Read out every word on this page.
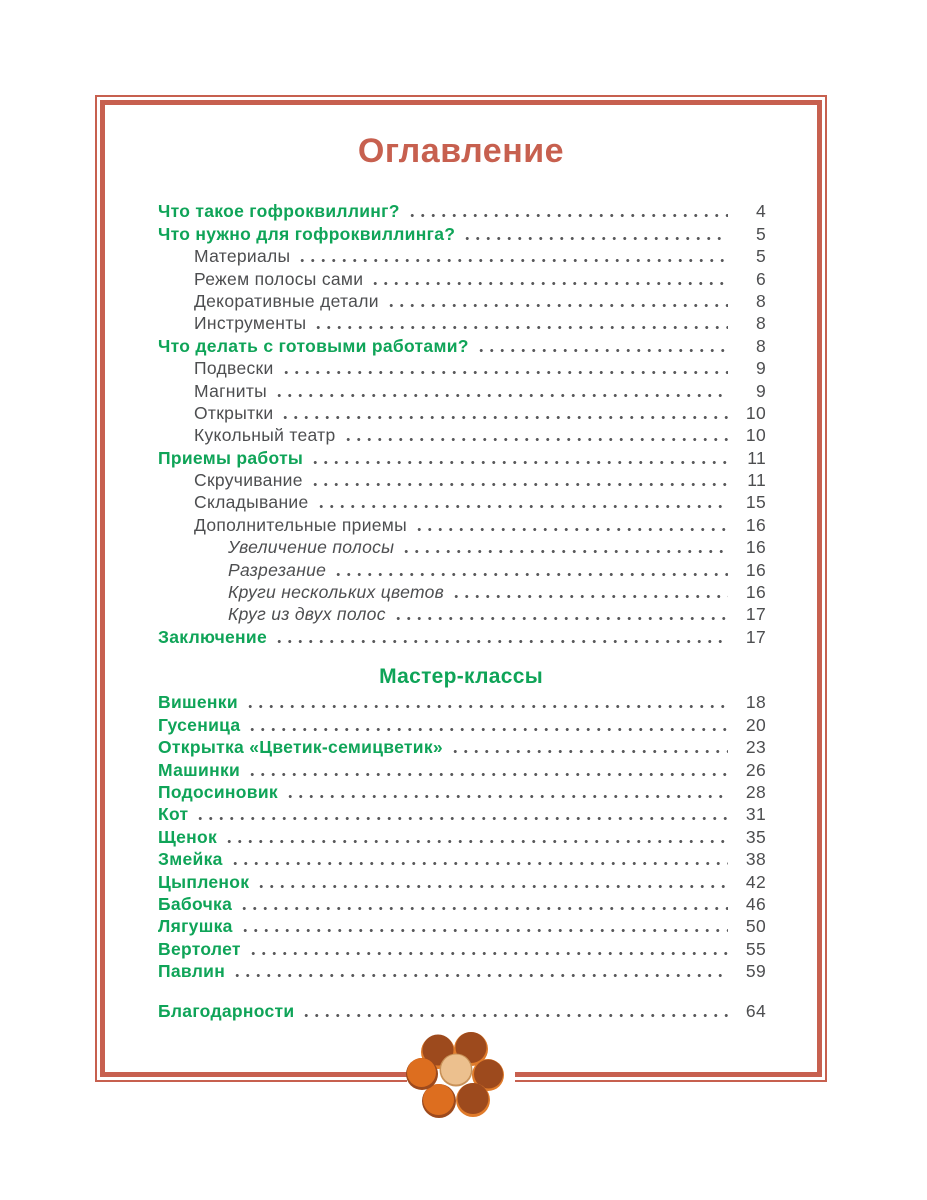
Оглавление
Что такое гофроквиллинг?	4
Что нужно для гофроквиллинга?	5
Материалы	5
Режем полосы сами	6
Декоративные детали	8
Инструменты	8
Что делать с готовыми работами?	8
Подвески	9
Магниты	9
Открытки	10
Кукольный театр	10
Приемы работы	11
Скручивание	11
Складывание	15
Дополнительные приемы	16
Увеличение полосы	16
Разрезание	16
Круги нескольких цветов	16
Круг из двух полос	17
Заключение	17
Мастер-классы
Вишенки	18
Гусеница	20
Открытка «Цветик-семицветик»	23
Машинки	26
Подосиновик	28
Кот	31
Щенок	35
Змейка	38
Цыпленок	42
Бабочка	46
Лягушка	50
Вертолет	55
Павлин	59
Благодарности	64
